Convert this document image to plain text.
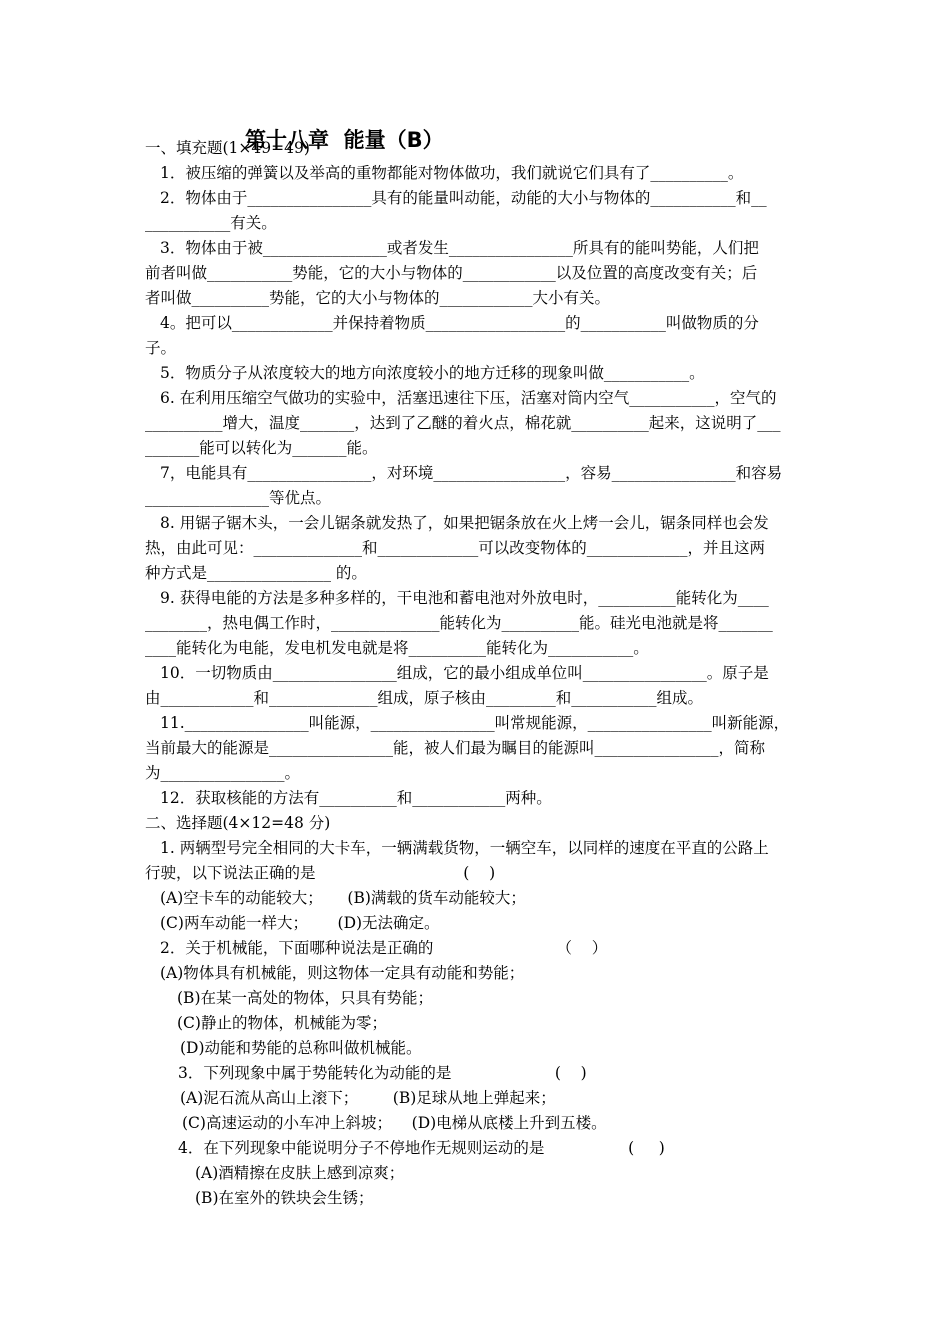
第十八章  能量（B）
一、填充题(1×49=49)
1．被压缩的弹簧以及举高的重物都能对物体做功，我们就说它们具有了__________。
2．物体由于________________具有的能量叫动能，动能的大小与物体的___________和__
___________有关。
3．物体由于被________________或者发生________________所具有的能叫势能，人们把
前者叫做___________势能，它的大小与物体的____________以及位置的高度改变有关；后
者叫做__________势能，它的大小与物体的____________大小有关。
4。把可以_____________并保持着物质__________________的___________叫做物质的分
子。
5．物质分子从浓度较大的地方向浓度较小的地方迁移的现象叫做___________。
6. 在利用压缩空气做功的实验中，活塞迅速往下压，活塞对筒内空气___________，空气的
__________增大，温度_______，达到了乙醚的着火点，棉花就__________起来，这说明了___
_______能可以转化为_______能。
7，电能具有________________，对环境_________________，容易________________和容易
________________等优点。
8. 用锯子锯木头，一会儿锯条就发热了，如果把锯条放在火上烤一会儿，锯条同样也会发
热，由此可见：______________和_____________可以改变物体的_____________，并且这两
种方式是________________ 的。
9. 获得电能的方法是多种多样的，干电池和蓄电池对外放电时，__________能转化为____
________，热电偶工作时，______________能转化为__________能。硅光电池就是将_______
____能转化为电能，发电机发电就是将__________能转化为___________。
10．一切物质由________________组成，它的最小组成单位叫________________。原子是
由____________和______________组成，原子核由_________和___________组成。
11.________________叫能源，________________叫常规能源，________________叫新能源，
当前最大的能源是________________能，被人们最为瞩目的能源叫________________，简称
为________________。
12．获取核能的方法有__________和____________两种。
二、选择题(4×12=48 分)
1. 两辆型号完全相同的大卡车，一辆满载货物，一辆空车，以同样的速度在平直的公路上
行驶，以下说法正确的是                              (    )
(A)空卡车的动能较大；     (B)满载的货车动能较大；
(C)两车动能一样大；      (D)无法确定。
2．关于机械能，下面哪种说法是正确的                         （    ）
(A)物体具有机械能，则这物体一定具有动能和势能；
(B)在某一高处的物体，只具有势能；
(C)静止的物体，机械能为零；
(D)动能和势能的总称叫做机械能。
3．下列现象中属于势能转化为动能的是                     (    )
(A)泥石流从高山上滚下；       (B)足球从地上弹起来；
(C)高速运动的小车冲上斜坡；    (D)电梯从底楼上升到五楼。
4．在下列现象中能说明分子不停地作无规则运动的是                 (     )
(A)酒精擦在皮肤上感到凉爽；
(B)在室外的铁块会生锈；
